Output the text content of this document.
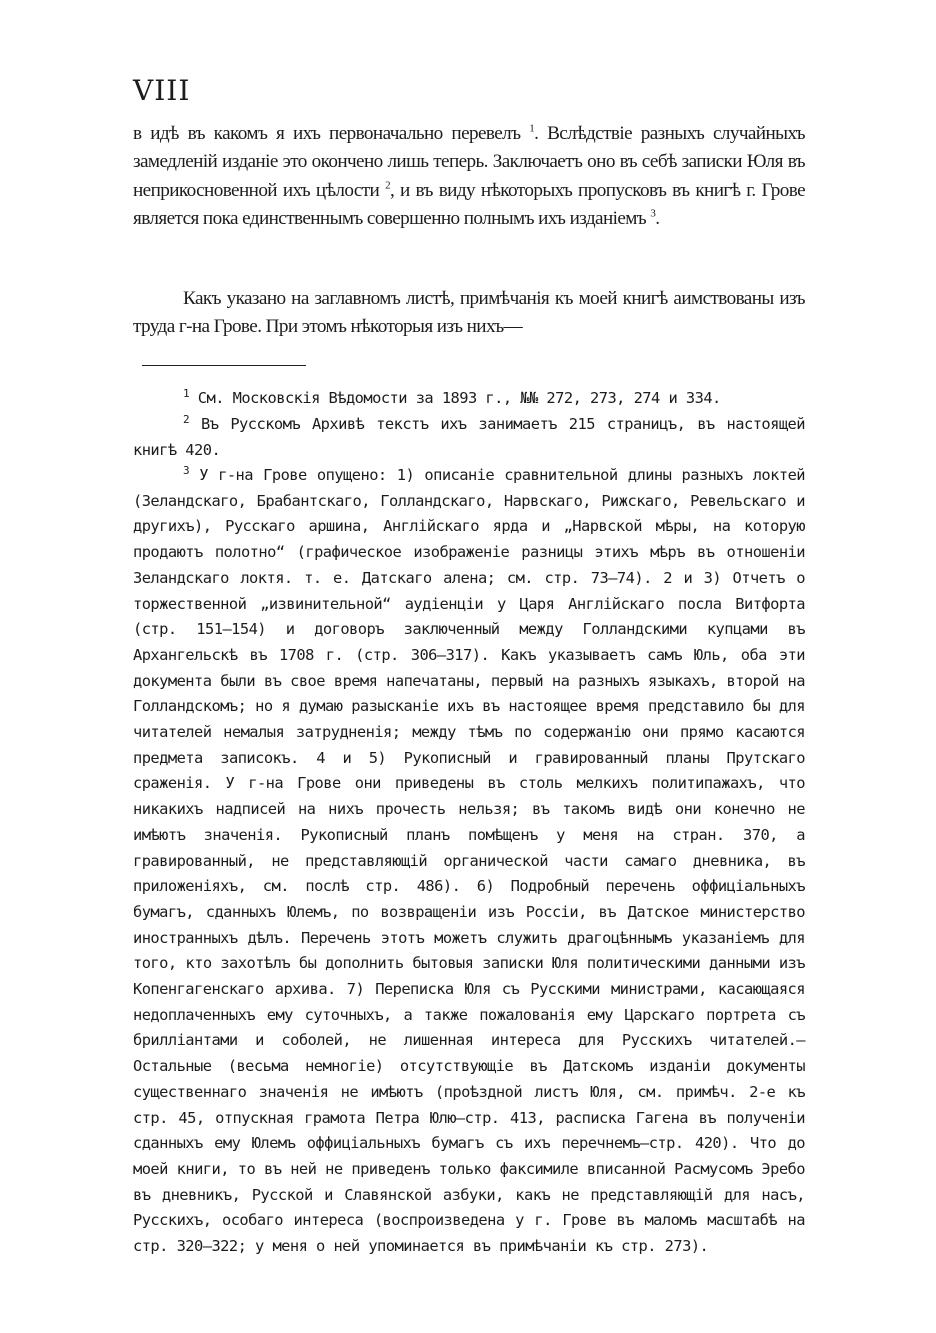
VIII
в идѣ въ какомъ я ихъ первоначально перевелъ $^1$. Вслѣдствіе разныхъ случайныхъ замедленій изданіе это окончено лишь теперь. Заключаетъ оно въ себѣ записки Юля въ неприкосновенной ихъ цѣлости $^2$, и въ виду нѣкоторыхъ пропусковъ въ книгѣ г. Грове является пока единственнымъ совершенно полнымъ ихъ изданіемъ $^3$.
Какъ указано на заглавномъ листѣ, примѣчанія къ моей книгѣ аимствованы изъ труда г-на Грове. При этомъ нѣкоторыя изъ нихъ—
$^1$ См. Московскія Вѣдомости за 1893 г., №№ 272, 273, 274 и 334.
$^2$ Въ Русскомъ Архивѣ текстъ ихъ занимаетъ 215 страницъ, въ настоящей книгѣ 420.
$^3$ У г-на Грове опущено: 1) описаніе сравнительной длины разныхъ локтей (Зеландскаго, Брабантскаго, Голландскаго, Нарвскаго, Рижскаго, Ревельскаго и другихъ), Русскаго аршина, Англійскаго ярда и „Нарвской мѣры, на которую продаютъ полотно“ (графическое изображеніе разницы этихъ мѣръ въ отношеніи Зеландскаго локтя. т. е. Датскаго алена; см. стр. 73—74). 2 и 3) Отчетъ о торжественной „извинительной“ аудіенціи у Царя Англійскаго посла Витфорта (стр. 151—154) и договоръ заключенный между Голландскими купцами въ Архангельскѣ въ 1708 г. (стр. 306—317). Какъ указываетъ самъ Юль, оба эти документа были въ свое время напечатаны, первый на разныхъ языкахъ, второй на Голландскомъ; но я думаю разысканіе ихъ въ настоящее время представило бы для читателей немалыя затрудненія; между тѣмъ по содержанію они прямо касаются предмета записокъ. 4 и 5) Рукописный и гравированный планы Прутскаго сраженія. У г-на Грове они приведены въ столь мелкихъ политипажахъ, что никакихъ надписей на нихъ прочесть нельзя; въ такомъ видѣ они конечно не имѣютъ значенія. Рукописный планъ помѣщенъ у меня на стран. 370, а гравированный, не представляющій органической части самаго дневника, въ приложеніяхъ, см. послѣ стр. 486). 6) Подробный перечень оффиціальныхъ бумагъ, сданныхъ Юлемъ, по возвращеніи изъ Россіи, въ Датское министерство иностранныхъ дѣлъ. Перечень этотъ можетъ служить драгоцѣннымъ указаніемъ для того, кто захотѣлъ бы дополнить бытовыя записки Юля политическими данными изъ Копенгагенскаго архива. 7) Переписка Юля съ Русскими министрами, касающаяся недоплаченныхъ ему суточныхъ, а также пожалованія ему Царскаго портрета съ брилліантами и соболей, не лишенная интереса для Русскихъ читателей.—Остальные (весьма немногіе) отсутствующіе въ Датскомъ изданіи документы существеннаго значенія не имѣютъ (проѣздной листъ Юля, см. примѣч. 2-е къ стр. 45, отпускная грамота Петра Юлю—стр. 413, расписка Гагена въ полученіи сданныхъ ему Юлемъ оффиціальныхъ бумагъ съ ихъ перечнемъ—стр. 420). Что до моей книги, то въ ней не приведенъ только факсимиле вписанной Расмусомъ Эребо въ дневникъ, Русской и Славянской азбуки, какъ не представляющій для насъ, Русскихъ, особаго интереса (воспроизведена у г. Грове въ маломъ масштабѣ на стр. 320—322; у меня о ней упоминается въ примѣчаніи къ стр. 273).
